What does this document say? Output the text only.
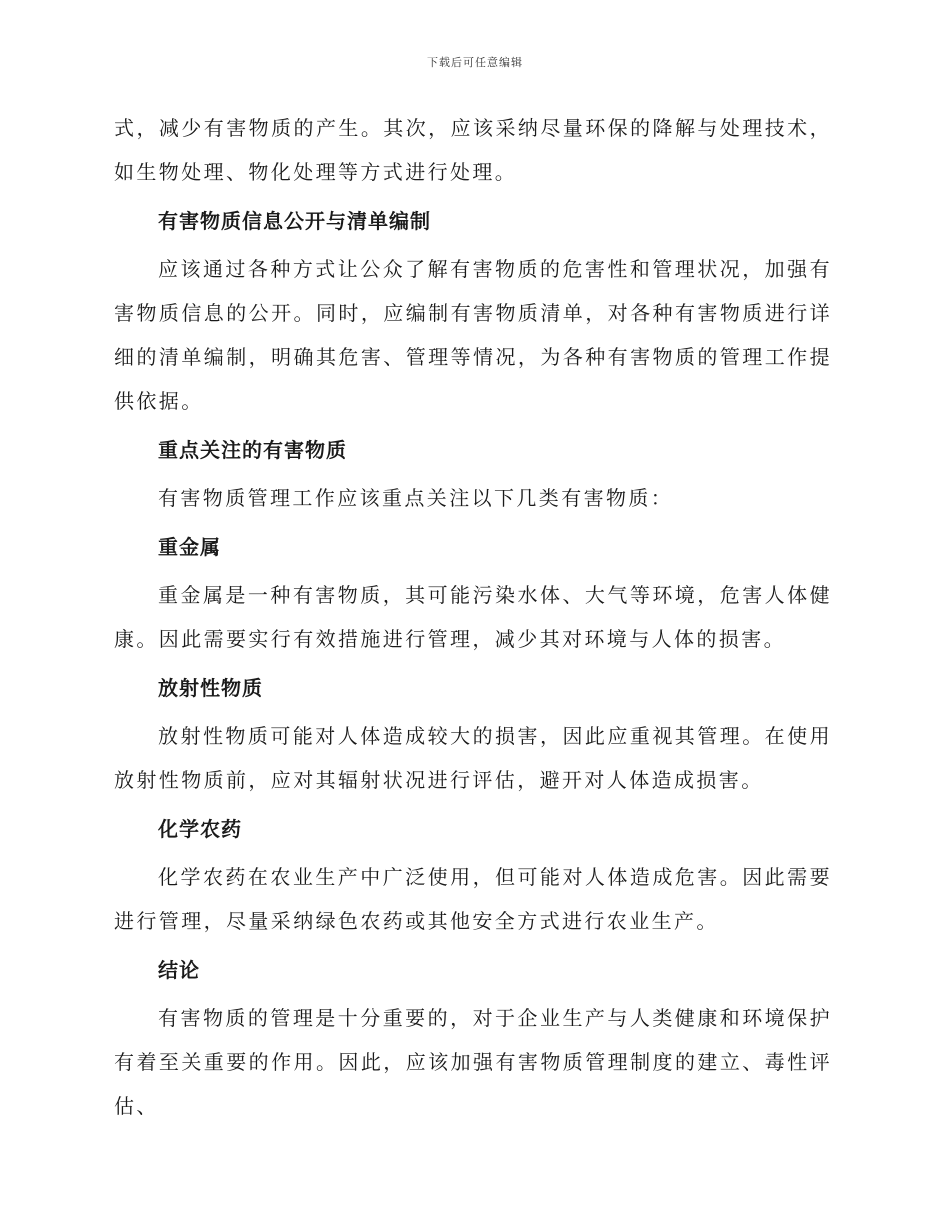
下载后可任意编辑

式，减少有害物质的产生。其次，应该采纳尽量环保的降解与处理技术，如生物处理、物化处理等方式进行处理。

有害物质信息公开与清单编制

应该通过各种方式让公众了解有害物质的危害性和管理状况，加强有害物质信息的公开。同时，应编制有害物质清单，对各种有害物质进行详细的清单编制，明确其危害、管理等情况，为各种有害物质的管理工作提供依据。

重点关注的有害物质

有害物质管理工作应该重点关注以下几类有害物质：

重金属

重金属是一种有害物质，其可能污染水体、大气等环境，危害人体健康。因此需要实行有效措施进行管理，减少其对环境与人体的损害。

放射性物质

放射性物质可能对人体造成较大的损害，因此应重视其管理。在使用放射性物质前，应对其辐射状况进行评估，避开对人体造成损害。

化学农药

化学农药在农业生产中广泛使用，但可能对人体造成危害。因此需要进行管理，尽量采纳绿色农药或其他安全方式进行农业生产。

结论

有害物质的管理是十分重要的，对于企业生产与人类健康和环境保护有着至关重要的作用。因此，应该加强有害物质管理制度的建立、毒性评估、
